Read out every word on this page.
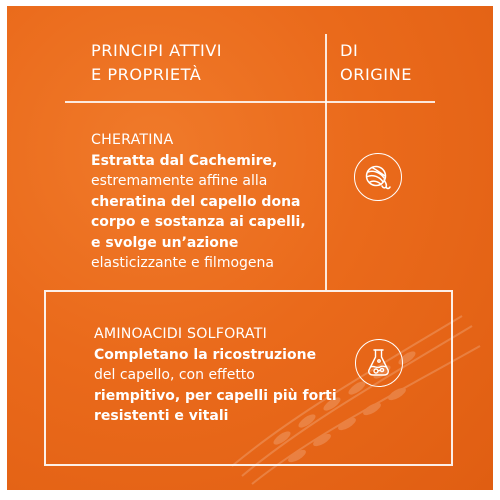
PRINCIPI ATTIVI
E PROPRIETÀ
DI
ORIGINE
CHERATINA
Estratta dal Cachemire,
estremamente affine alla
cheratina del capello dona
corpo e sostanza ai capelli,
e svolge un’azione
elasticizzante e filmogena
AMINOACIDI SOLFORATI
Completano la ricostruzione
del capello, con effetto
riempitivo, per capelli più forti
resistenti e vitali
